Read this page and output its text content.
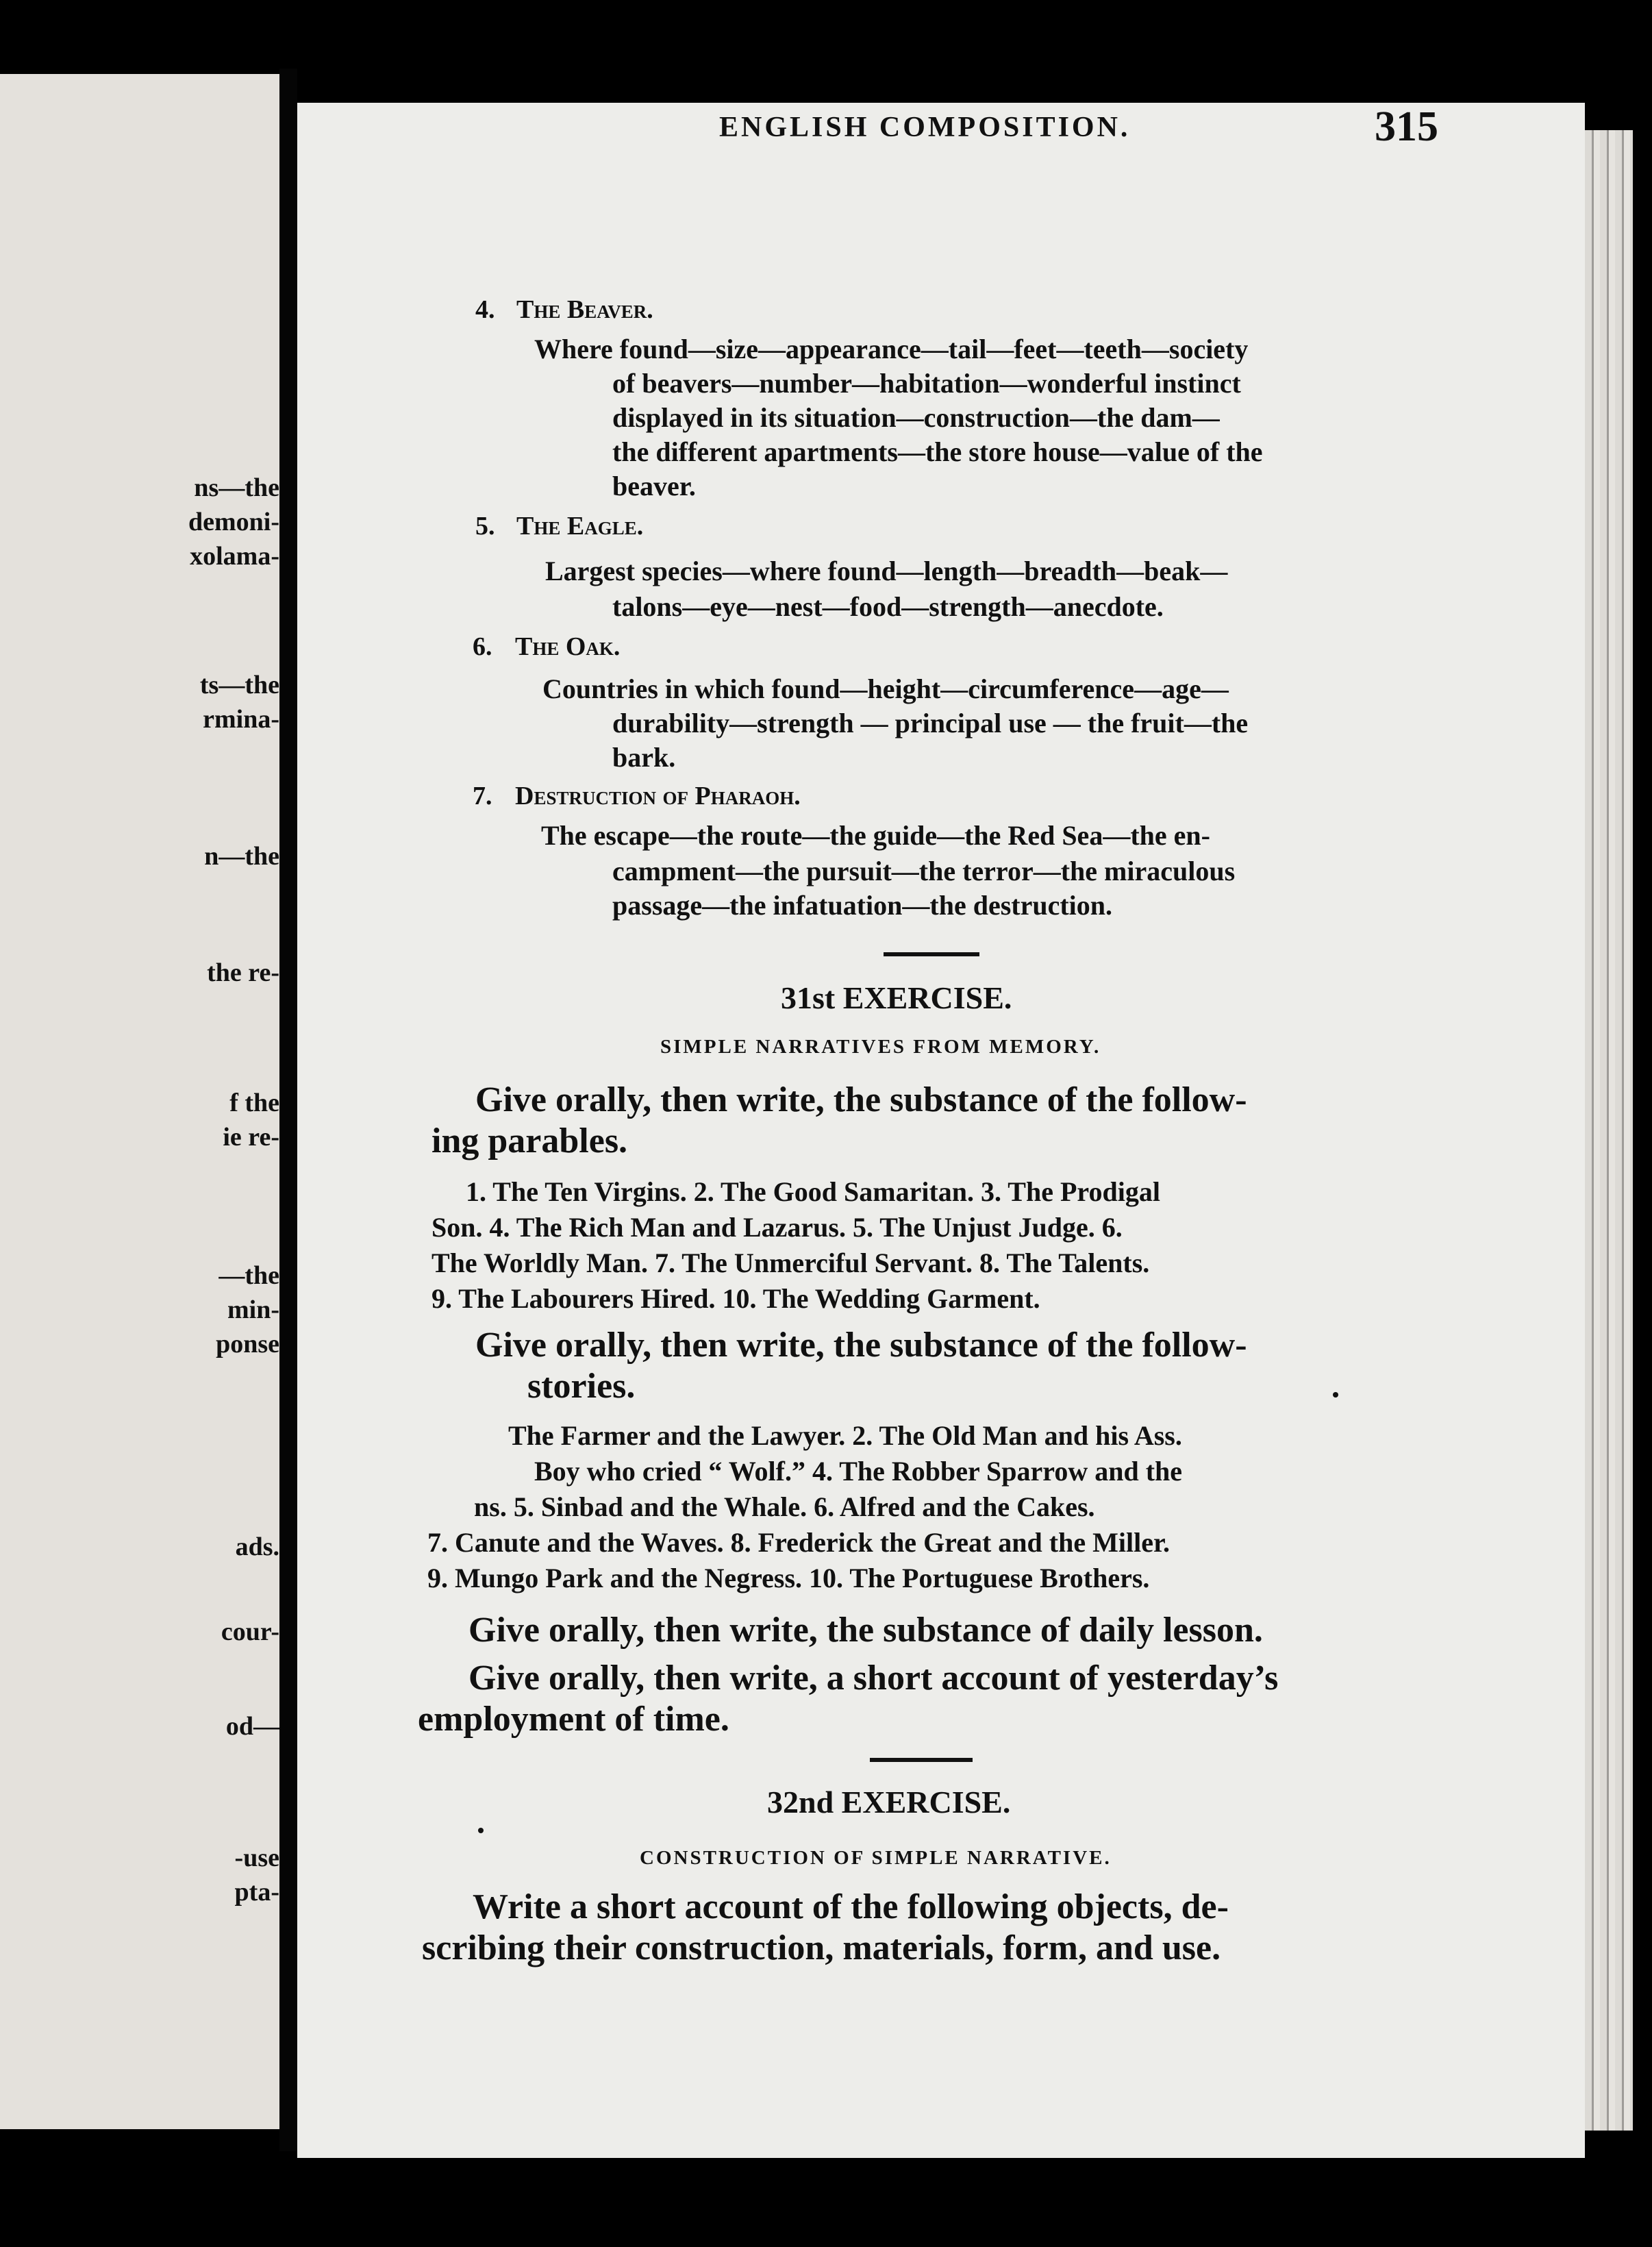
ns—the
demoni-
xolama-
ts—the
rmina-
n—the
the re-
f the
ie re-
—the
min-
ponse
ads.
cour-
od—
-use
pta-
ENGLISH COMPOSITION.	315
4. The Beaver.
Where found—size—appearance—tail—feet—teeth—society
of beavers—number—habitation—wonderful instinct
displayed in its situation—construction—the dam—
the different apartments—the store house—value of the
beaver.
5. The Eagle.
Largest species—where found—length—breadth—beak—
talons—eye—nest—food—strength—anecdote.
6. The Oak.
Countries in which found—height—circumference—age—
durability—strength — principal use — the fruit—the
bark.
7. Destruction of Pharaoh.
The escape—the route—the guide—the Red Sea—the en-
campment—the pursuit—the terror—the miraculous
passage—the infatuation—the destruction.
31st EXERCISE.
SIMPLE NARRATIVES FROM MEMORY.
Give orally, then write, the substance of the follow-
ing parables.
1. The Ten Virgins. 2. The Good Samaritan. 3. The Prodigal
Son. 4. The Rich Man and Lazarus. 5. The Unjust Judge. 6.
The Worldly Man. 7. The Unmerciful Servant. 8. The Talents.
9. The Labourers Hired. 10. The Wedding Garment.
Give orally, then write, the substance of the follow-
stories.
The Farmer and the Lawyer. 2. The Old Man and his Ass.
Boy who cried “ Wolf.” 4. The Robber Sparrow and the
ns. 5. Sinbad and the Whale. 6. Alfred and the Cakes.
7. Canute and the Waves. 8. Frederick the Great and the Miller.
9. Mungo Park and the Negress. 10. The Portuguese Brothers.
Give orally, then write, the substance of daily lesson.
Give orally, then write, a short account of yesterday’s
employment of time.
32nd EXERCISE.
CONSTRUCTION OF SIMPLE NARRATIVE.
Write a short account of the following objects, de-
scribing their construction, materials, form, and use.
